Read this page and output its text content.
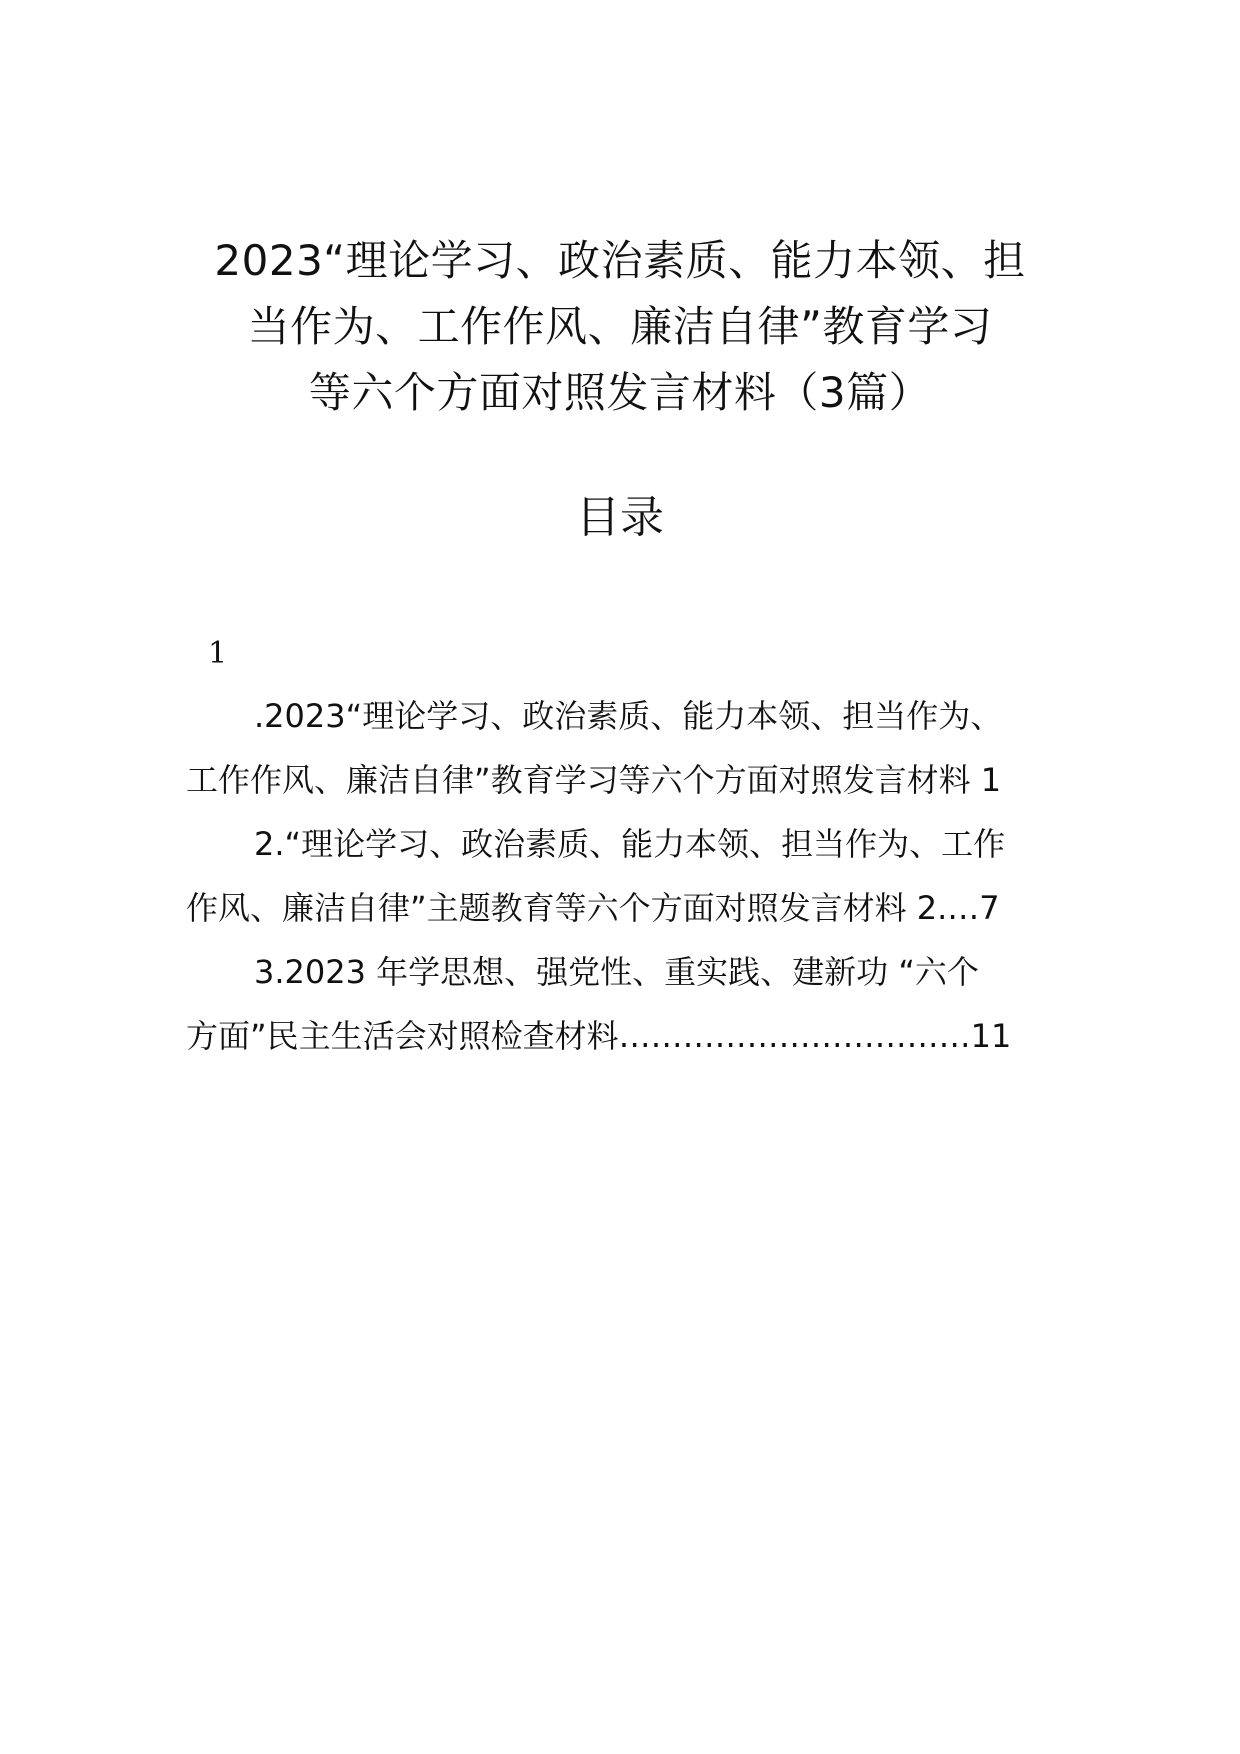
2023“理论学习、政治素质、能力本领、担
当作为、工作作风、廉洁自律”教育学习
等六个方面对照发言材料（3篇）
目录
1
.2023“理论学习、政治素质、能力本领、担当作为、
工作作风、廉洁自律”教育学习等六个方面对照发言材料 1
2.“理论学习、政治素质、能力本领、担当作为、工作
作风、廉洁自律”主题教育等六个方面对照发言材料 2.…7
3.2023 年学思想、强党性、重实践、建新功 “六个
方面”民主生活会对照检查材料……………………………11
